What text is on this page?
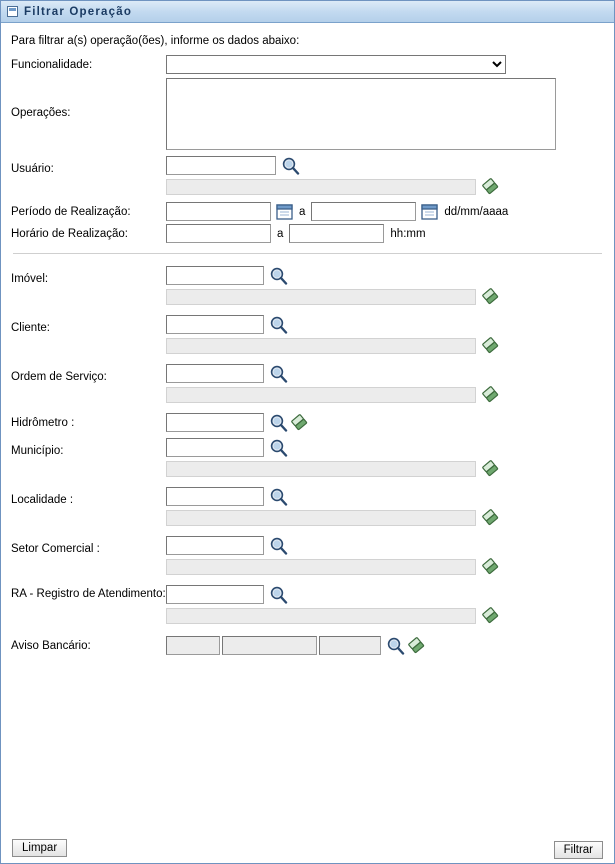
Filtrar Operação
Para filtrar a(s) operação(ões), informe os dados abaixo:
Funcionalidade:
Operações:
Usuário:
Período de Realização:	a	dd/mm/aaaa
Horário de Realização:	a	hh:mm
Imóvel:
Cliente:
Ordem de Serviço:
Hidrômetro :
Município:
Localidade :
Setor Comercial :
RA - Registro de Atendimento:
Aviso Bancário:
Limpar	Filtrar
